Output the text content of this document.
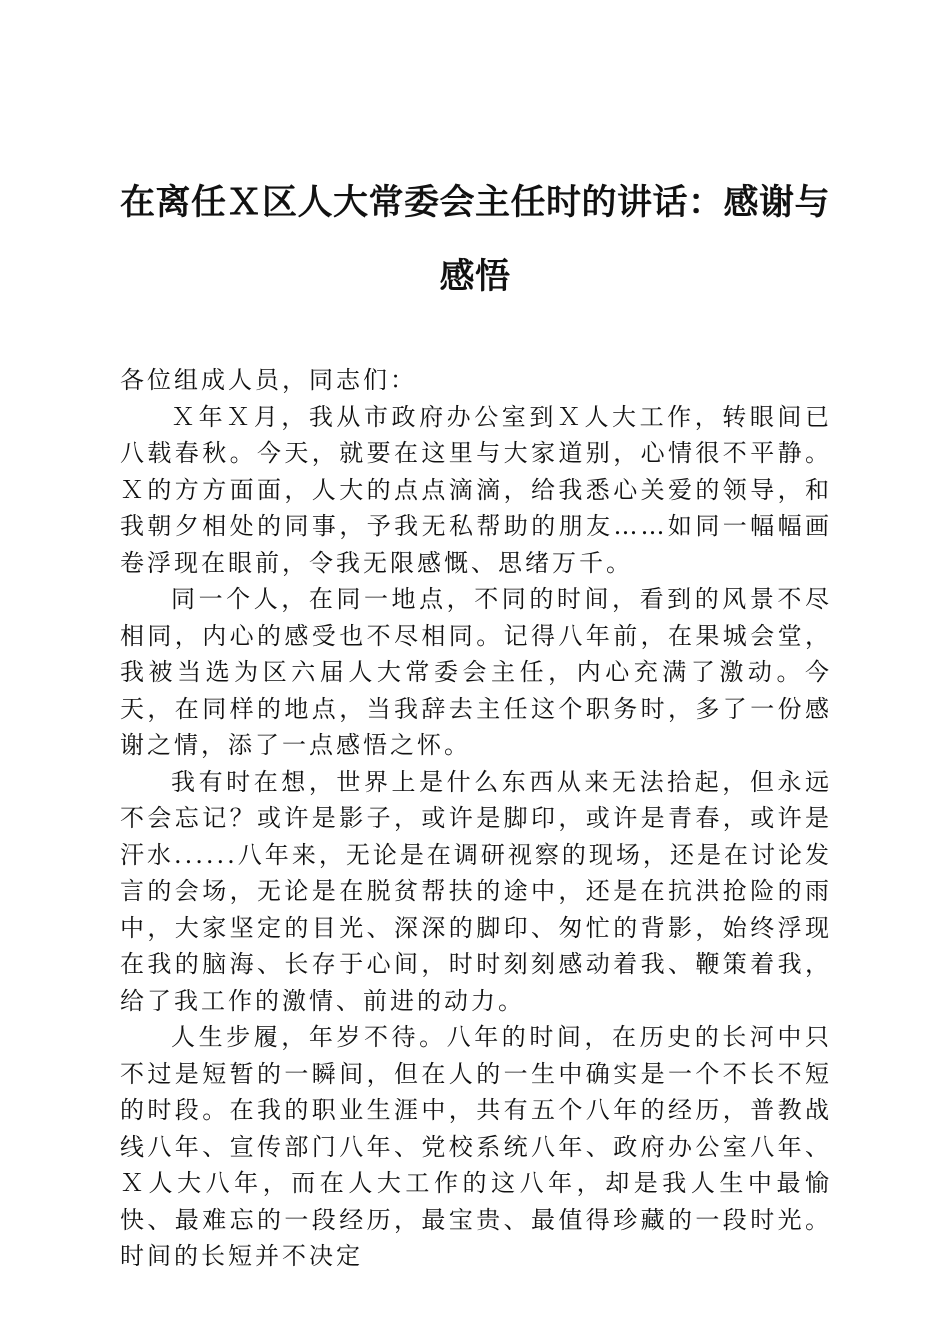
在离任Ｘ区人大常委会主任时的讲话：感谢与感悟

各位组成人员，同志们：

Ｘ年Ｘ月，我从市政府办公室到Ｘ人大工作，转眼间已八载春秋。今天，就要在这里与大家道别，心情很不平静。Ｘ的方方面面，人大的点点滴滴，给我悉心关爱的领导，和我朝夕相处的同事，予我无私帮助的朋友……如同一幅幅画卷浮现在眼前，令我无限感慨、思绪万千。

同一个人，在同一地点，不同的时间，看到的风景不尽相同，内心的感受也不尽相同。记得八年前，在果城会堂，我被当选为区六届人大常委会主任，内心充满了激动。今天，在同样的地点，当我辞去主任这个职务时，多了一份感谢之情，添了一点感悟之怀。

我有时在想，世界上是什么东西从来无法拾起，但永远不会忘记？或许是影子，或许是脚印，或许是青春，或许是汗水......八年来，无论是在调研视察的现场，还是在讨论发言的会场，无论是在脱贫帮扶的途中，还是在抗洪抢险的雨中，大家坚定的目光、深深的脚印、匆忙的背影，始终浮现在我的脑海、长存于心间，时时刻刻感动着我、鞭策着我，给了我工作的激情、前进的动力。

人生步履，年岁不待。八年的时间，在历史的长河中只不过是短暂的一瞬间，但在人的一生中确实是一个不长不短的时段。在我的职业生涯中，共有五个八年的经历，普教战线八年、宣传部门八年、党校系统八年、政府办公室八年、Ｘ人大八年，而在人大工作的这八年，却是我人生中最愉快、最难忘的一段经历，最宝贵、最值得珍藏的一段时光。时间的长短并不决定
